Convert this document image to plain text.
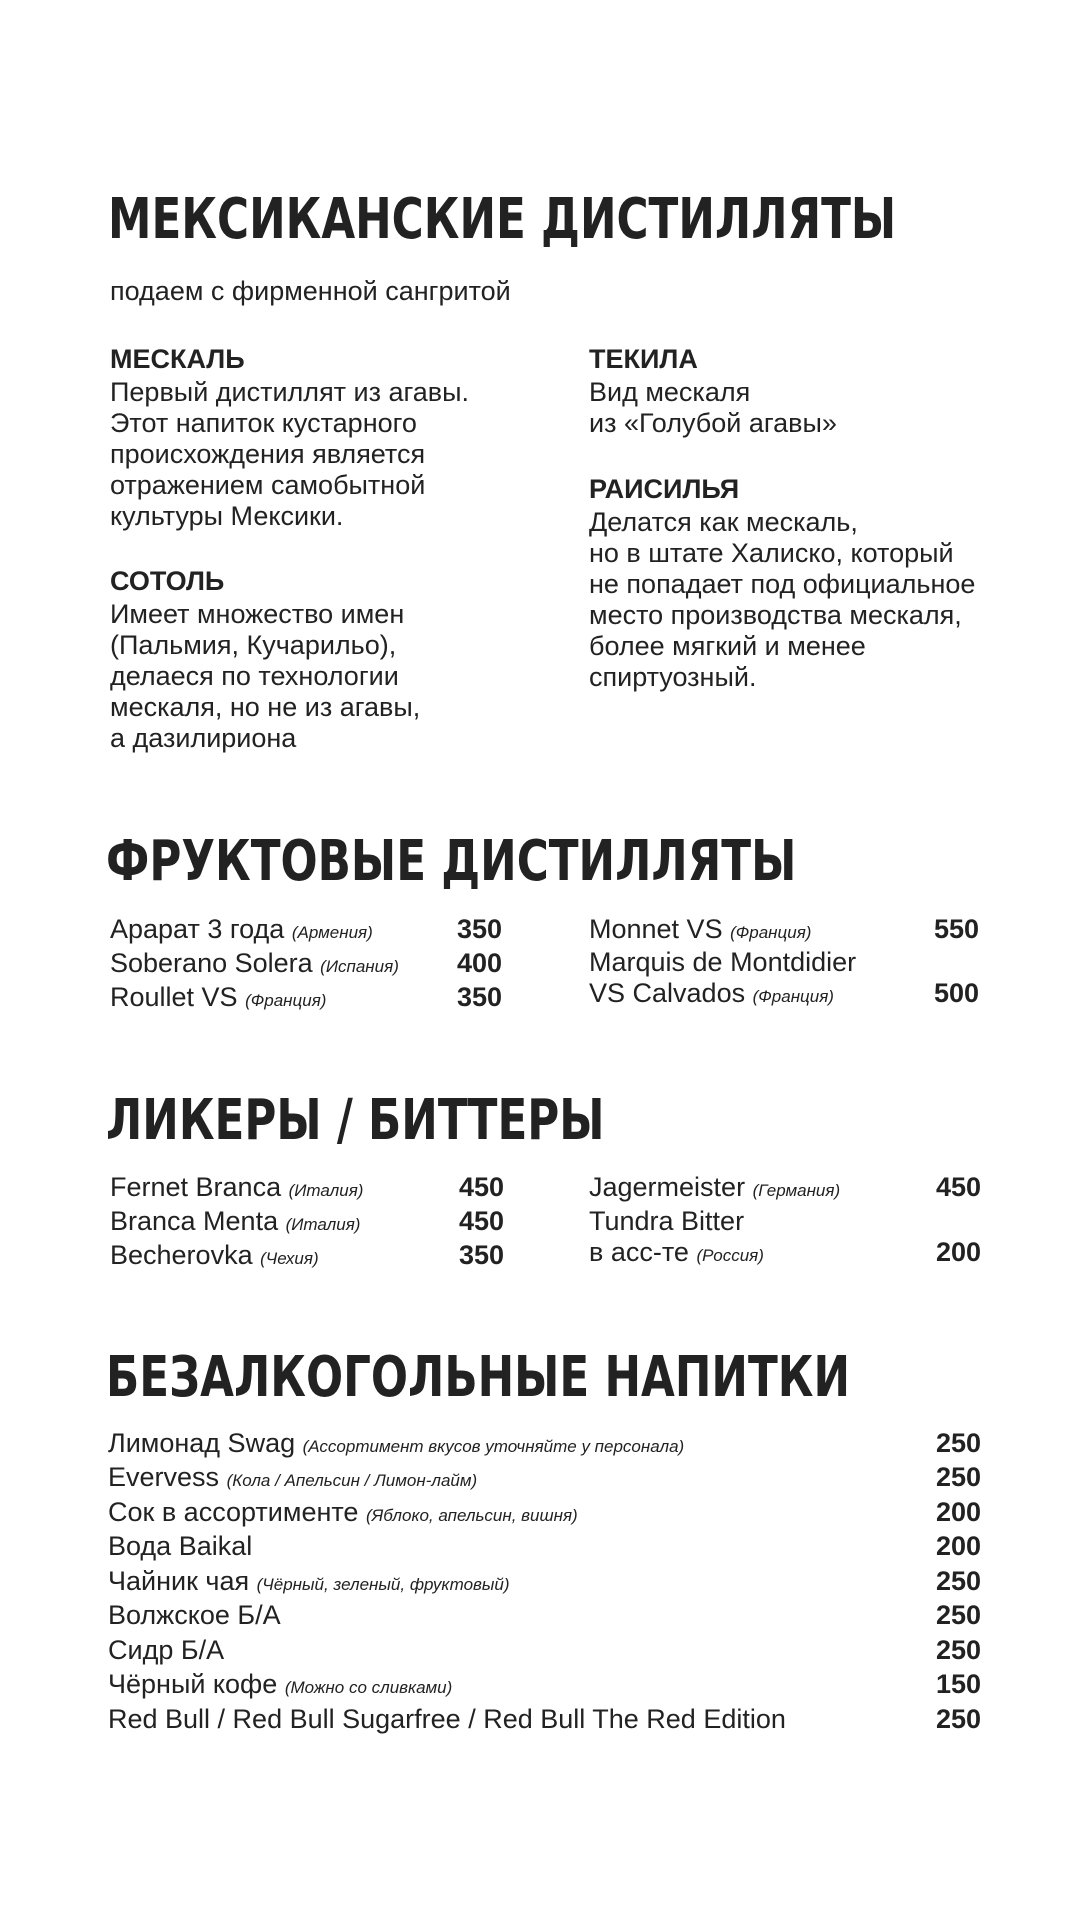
МЕКСИКАНСКИЕ ДИСТИЛЛЯТЫ
подаем с фирменной сангритой
МЕСКАЛЬ
Первый дистиллят из агавы.
Этот напиток кустарного
происхождения является
отражением самобытной
культуры Мексики.
СОТОЛЬ
Имеет множество имен
(Пальмия, Кучарильо),
делаеся по технологии
мескаля, но не из агавы,
а дазилириона
ТЕКИЛА
Вид мескаля
из «Голубой агавы»
РАИСИЛЬЯ
Делатся как мескаль,
но в штате Халиско, который
не попадает под официальное
место производства мескаля,
более мягкий и менее
спиртуозный.
ФРУКТОВЫЕ ДИСТИЛЛЯТЫ
Арарат 3 года (Армения)	350
Soberano Solera (Испания) 400
Roullet VS (Франция)	350
Monnet VS (Франция)	550
Marquis de Montdidier
VS Calvados (Франция)	500
ЛИКЕРЫ / БИТТЕРЫ
Fernet Branca (Италия)	450
Branca Menta (Италия)	450
Becherovka (Чехия)	350
Jagermeister (Германия)	450
Tundra Bitter
в асс-те (Россия)	200
БЕЗАЛКОГОЛЬНЫЕ НАПИТКИ
Лимонад Swag (Ассортимент вкусов уточняйте у персонала)	250
Evervess (Кола / Апельсин / Лимон-лайм)	250
Сок в ассортименте (Яблоко, апельсин, вишня)	200
Вода Baikal	200
Чайник чая (Чёрный, зеленый, фруктовый)	250
Волжское Б/А	250
Сидр Б/А	250
Чёрный кофе (Можно со сливками)	150
Red Bull / Red Bull Sugarfree / Red Bull The Red Edition	250
